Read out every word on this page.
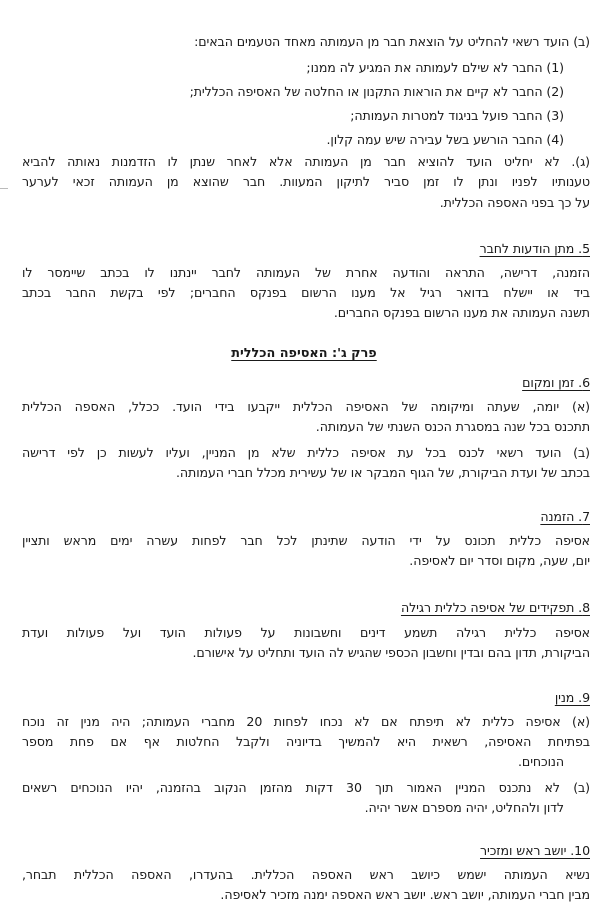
(ב) הועד רשאי להחליט על הוצאת חבר מן העמותה מאחד הטעמים הבאים:
(1) החבר לא שילם לעמותה את המגיע לה ממנו;
(2) החבר לא קיים את הוראות התקנון או החלטה של האסיפה הכללית;
(3) החבר פועל בניגוד למטרות העמותה;
(4) החבר הורשע בשל עבירה שיש עמה קלון.
(ג). לא יחליט הועד להוציא חבר מן העמותה אלא לאחר שנתן לו הזדמנות נאותה להביא
טענותיו לפניו ונתן לו זמן סביר לתיקון המעוות. חבר שהוצא מן העמותה זכאי לערער
על כך בפני האספה הכללית.
5. מתן הודעות לחבר
הזמנה, דרישה, התראה והודעה אחרת של העמותה לחבר יינתנו לו בכתב שיימסר לו
ביד או יישלח בדואר רגיל אל מענו הרשום בפנקס החברים; לפי בקשת החבר בכתב
תשנה העמותה את מענו הרשום בפנקס החברים.
פרק ג': האסיפה הכללית
6. זמן ומקום
(א) יומה, שעתה ומיקומה של האסיפה הכללית ייקבעו בידי הועד. ככלל, האספה הכללית
תתכנס בכל שנה במסגרת הכנס השנתי של העמותה.
(ב) הועד רשאי לכנס בכל עת אסיפה כללית שלא מן המניין, ועליו לעשות כן לפי דרישה
בכתב של ועדת הביקורת, של הגוף המבקר או של עשירית מכלל חברי העמותה.
7. הזמנה
אסיפה כללית תכונס על ידי הודעה שתינתן לכל חבר לפחות עשרה ימים מראש ותציין
יום, שעה, מקום וסדר יום לאסיפה.
8. תפקידים של אסיפה כללית רגילה
אסיפה כללית רגילה תשמע דינים וחשבונות על פעולות הועד ועל פעולות ועדת
הביקורת, תדון בהם ובדין וחשבון הכספי שהגיש לה הועד ותחליט על אישורם.
9. מנין
(א) אסיפה כללית לא תיפתח אם לא נכחו לפחות 20 מחברי העמותה; היה מנין זה נוכח
בפתיחת האסיפה, רשאית היא להמשיך בדיוניה ולקבל החלטות אף אם פחת מספר
הנוכחים.
(ב) לא נתכנס המניין האמור תוך 30 דקות מהזמן הנקוב בהזמנה, יהיו הנוכחים רשאים
לדון ולהחליט, יהיה מספרם אשר יהיה.
10. יושב ראש ומזכיר
נשיא העמותה ישמש כיושב ראש האספה הכללית. בהעדרו, האספה הכללית תבחר,
מבין חברי העמותה, יושב ראש. יושב ראש האספה ימנה מזכיר לאסיפה.
